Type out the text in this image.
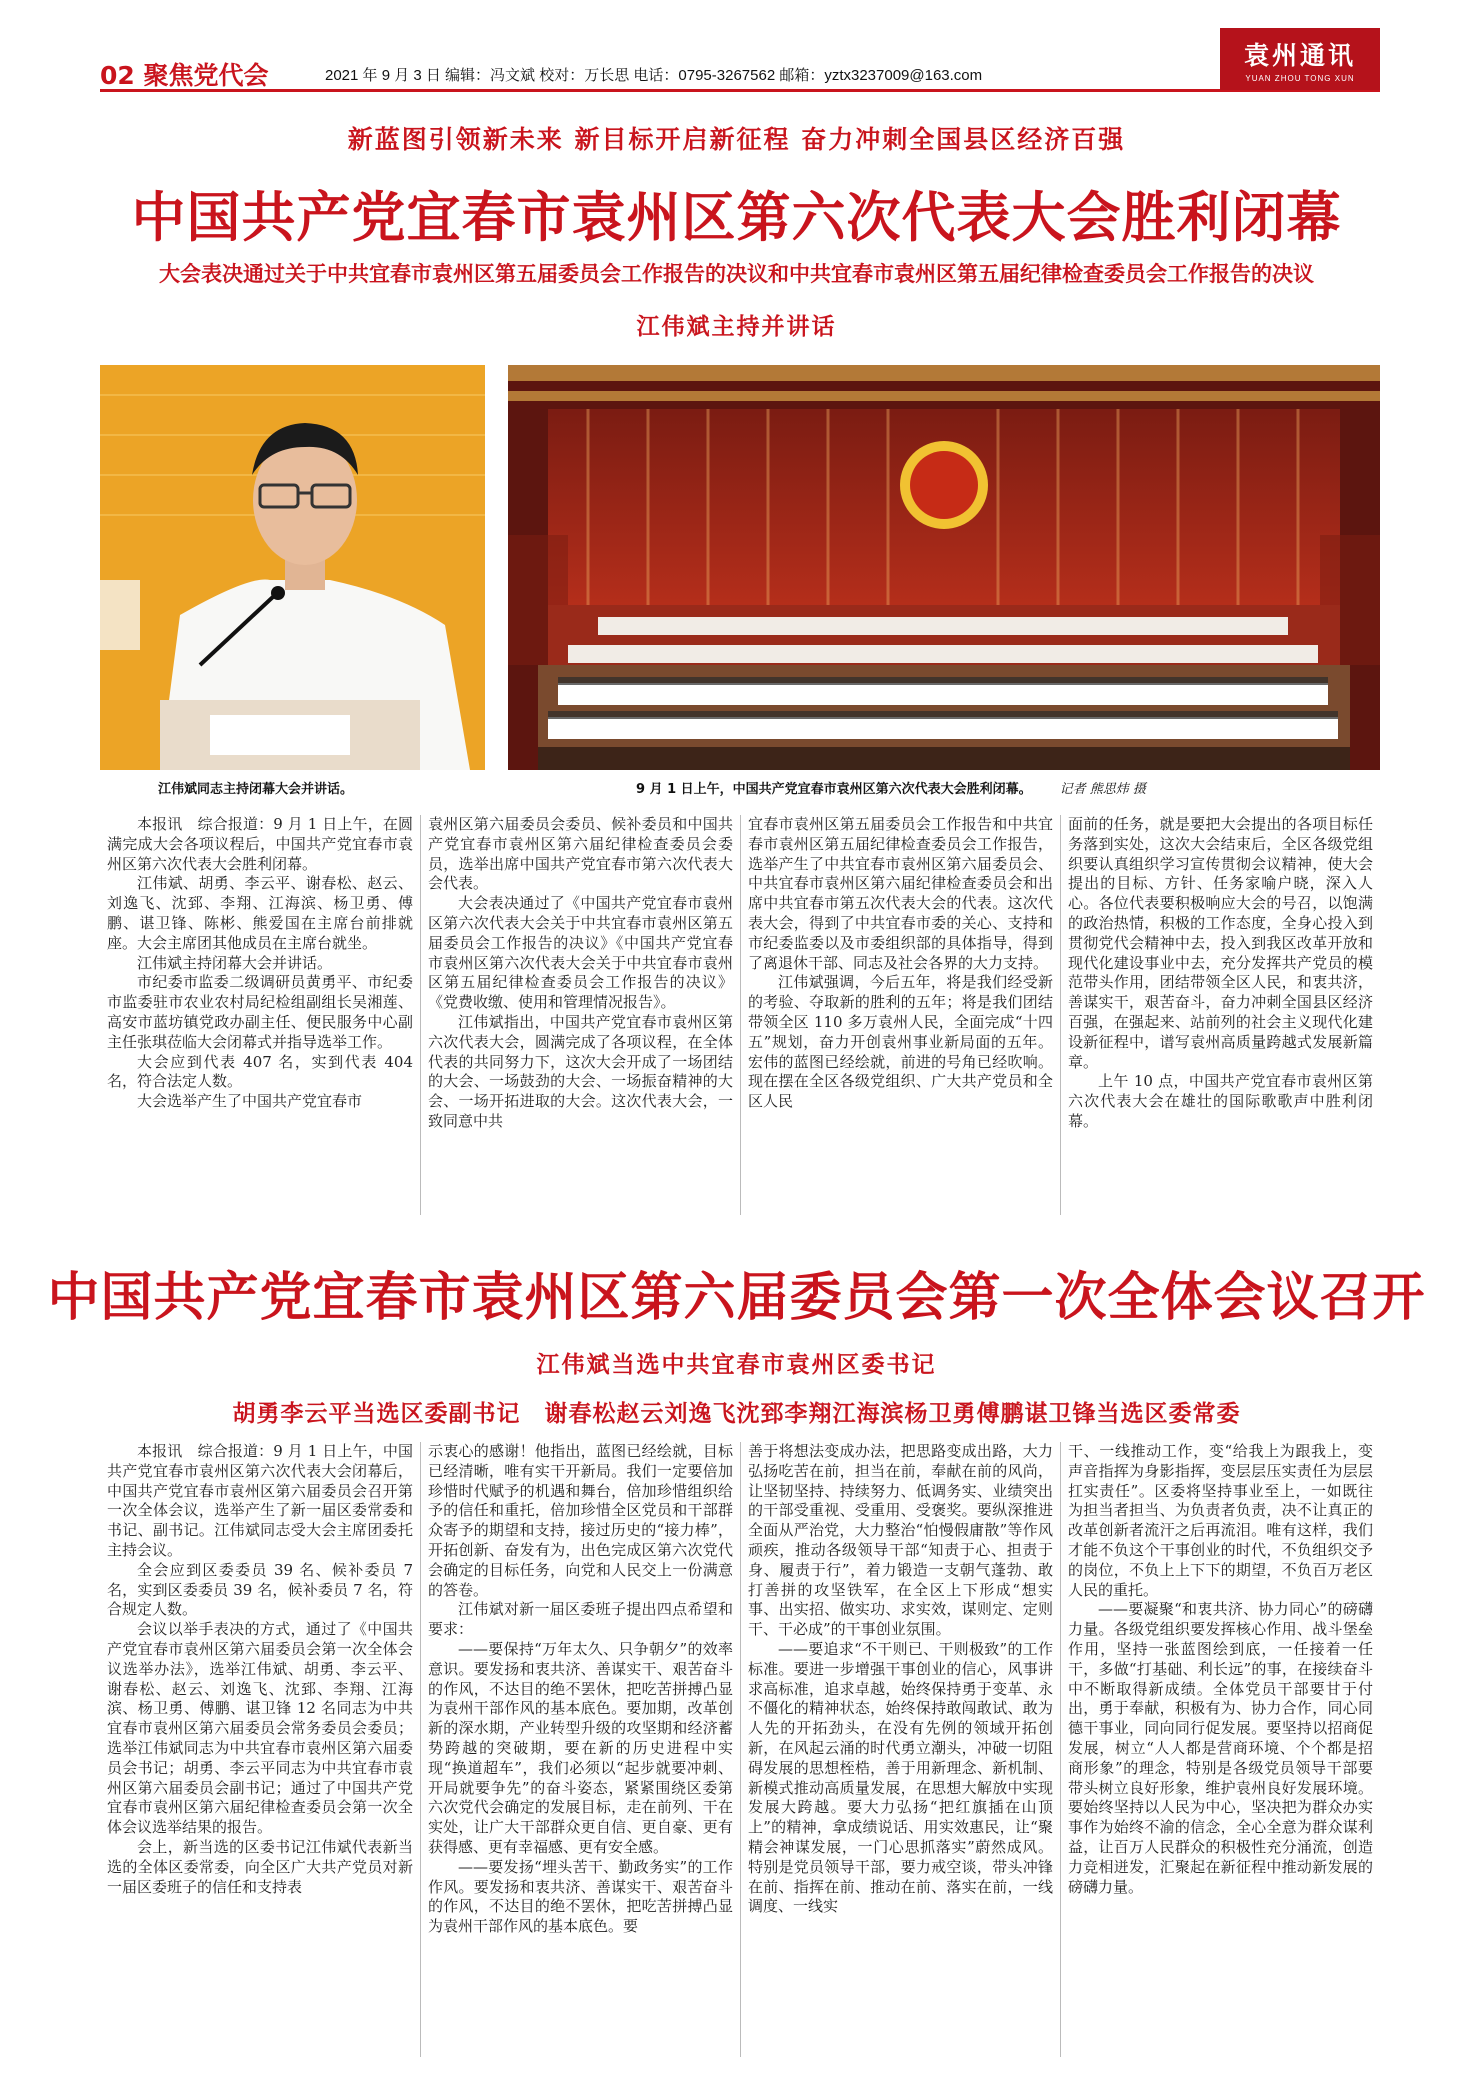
02 聚焦党代会	2021 年 9 月 3 日 编辑：冯文斌 校对：万长思 电话：0795-3267562 邮箱：yztx3237009@163.com
袁州通讯
YUAN ZHOU TONG XUN
新蓝图引领新未来 新目标开启新征程 奋力冲刺全国县区经济百强
中国共产党宜春市袁州区第六次代表大会胜利闭幕
大会表决通过关于中共宜春市袁州区第五届委员会工作报告的决议和中共宜春市袁州区第五届纪律检查委员会工作报告的决议
江伟斌主持并讲话
江伟斌同志主持闭幕大会并讲话。	9 月 1 日上午，中国共产党宜春市袁州区第六次代表大会胜利闭幕。 记者 熊思炜 摄

本报讯　综合报道：9 月 1 日上午，在圆满完成大会各项议程后，中国共产党宜春市袁州区第六次代表大会胜利闭幕。

江伟斌、胡勇、李云平、谢春松、赵云、刘逸飞、沈郅、李翔、江海滨、杨卫勇、傅鹏、谌卫锋、陈彬、熊爱国在主席台前排就座。大会主席团其他成员在主席台就坐。

江伟斌主持闭幕大会并讲话。

市纪委市监委二级调研员黄勇平、市纪委市监委驻市农业农村局纪检组副组长吴湘莲、高安市蓝坊镇党政办副主任、便民服务中心副主任张琪莅临大会闭幕式并指导选举工作。

大会应到代表 407 名，实到代表 404 名，符合法定人数。

大会选举产生了中国共产党宜春市

袁州区第六届委员会委员、候补委员和中国共产党宜春市袁州区第六届纪律检查委员会委员，选举出席中国共产党宜春市第六次代表大会代表。

大会表决通过了《中国共产党宜春市袁州区第六次代表大会关于中共宜春市袁州区第五届委员会工作报告的决议》《中国共产党宜春市袁州区第六次代表大会关于中共宜春市袁州区第五届纪律检查委员会工作报告的决议》《党费收缴、使用和管理情况报告》。

江伟斌指出，中国共产党宜春市袁州区第六次代表大会，圆满完成了各项议程，在全体代表的共同努力下，这次大会开成了一场团结的大会、一场鼓劲的大会、一场振奋精神的大会、一场开拓进取的大会。这次代表大会，一致同意中共

宜春市袁州区第五届委员会工作报告和中共宜春市袁州区第五届纪律检查委员会工作报告，选举产生了中共宜春市袁州区第六届委员会、中共宜春市袁州区第六届纪律检查委员会和出席中共宜春市第五次代表大会的代表。这次代表大会，得到了中共宜春市委的关心、支持和市纪委监委以及市委组织部的具体指导，得到了离退休干部、同志及社会各界的大力支持。

江伟斌强调，今后五年，将是我们经受新的考验、夺取新的胜利的五年；将是我们团结带领全区 110 多万袁州人民，全面完成“十四五”规划，奋力开创袁州事业新局面的五年。宏伟的蓝图已经绘就，前进的号角已经吹响。现在摆在全区各级党组织、广大共产党员和全区人民

面前的任务，就是要把大会提出的各项目标任务落到实处，这次大会结束后，全区各级党组织要认真组织学习宣传贯彻会议精神，使大会提出的目标、方针、任务家喻户晓，深入人心。各位代表要积极响应大会的号召，以饱满的政治热情，积极的工作态度，全身心投入到贯彻党代会精神中去，投入到我区改革开放和现代化建设事业中去，充分发挥共产党员的模范带头作用，团结带领全区人民，和衷共济，善谋实干，艰苦奋斗，奋力冲刺全国县区经济百强，在强起来、站前列的社会主义现代化建设新征程中，谱写袁州高质量跨越式发展新篇章。

上午 10 点，中国共产党宜春市袁州区第六次代表大会在雄壮的国际歌歌声中胜利闭幕。

中国共产党宜春市袁州区第六届委员会第一次全体会议召开
江伟斌当选中共宜春市袁州区委书记
胡勇李云平当选区委副书记　谢春松赵云刘逸飞沈郅李翔江海滨杨卫勇傅鹏谌卫锋当选区委常委

本报讯　综合报道：9 月 1 日上午，中国共产党宜春市袁州区第六次代表大会闭幕后，中国共产党宜春市袁州区第六届委员会召开第一次全体会议，选举产生了新一届区委常委和书记、副书记。江伟斌同志受大会主席团委托主持会议。

全会应到区委委员 39 名、候补委员 7 名，实到区委委员 39 名，候补委员 7 名，符合规定人数。

会议以举手表决的方式，通过了《中国共产党宜春市袁州区第六届委员会第一次全体会议选举办法》，选举江伟斌、胡勇、李云平、谢春松、赵云、刘逸飞、沈郅、李翔、江海滨、杨卫勇、傅鹏、谌卫锋 12 名同志为中共宜春市袁州区第六届委员会常务委员会委员；选举江伟斌同志为中共宜春市袁州区第六届委员会书记；胡勇、李云平同志为中共宜春市袁州区第六届委员会副书记；通过了中国共产党宜春市袁州区第六届纪律检查委员会第一次全体会议选举结果的报告。

会上，新当选的区委书记江伟斌代表新当选的全体区委常委，向全区广大共产党员对新一届区委班子的信任和支持表

示衷心的感谢！他指出，蓝图已经绘就，目标已经清晰，唯有实干开新局。我们一定要倍加珍惜时代赋予的机遇和舞台，倍加珍惜组织给予的信任和重托，倍加珍惜全区党员和干部群众寄予的期望和支持，接过历史的“接力棒”，开拓创新、奋发有为，出色完成区第六次党代会确定的目标任务，向党和人民交上一份满意的答卷。

江伟斌对新一届区委班子提出四点希望和要求：

——要保持“万年太久、只争朝夕”的效率意识。要发扬和衷共济、善谋实干、艰苦奋斗的作风，不达目的绝不罢休，把吃苦拼搏凸显为袁州干部作风的基本底色。要加期，改革创新的深水期，产业转型升级的攻坚期和经济蓄势跨越的突破期，要在新的历史进程中实现“换道超车”，我们必须以“起步就要冲刺、开局就要争先”的奋斗姿态，紧紧围绕区委第六次党代会确定的发展目标，走在前列、干在实处，让广大干部群众更自信、更自豪、更有获得感、更有幸福感、更有安全感。

——要发扬“埋头苦干、勤政务实”的工作作风。要发扬和衷共济、善谋实干、艰苦奋斗的作风，不达目的绝不罢休，把吃苦拼搏凸显为袁州干部作风的基本底色。要

善于将想法变成办法，把思路变成出路，大力弘扬吃苦在前，担当在前，奉献在前的风尚，让坚韧坚持、持续努力、低调务实、业绩突出的干部受重视、受重用、受褒奖。要纵深推进全面从严治党，大力整治“怕慢假庸散”等作风顽疾，推动各级领导干部“知责于心、担责于身、履责于行”，着力锻造一支朝气蓬勃、敢打善拼的攻坚铁军，在全区上下形成“想实事、出实招、做实功、求实效，谋则定、定则干、干必成”的干事创业氛围。

——要追求“不干则已、干则极致”的工作标准。要进一步增强干事创业的信心，风事讲求高标准，追求卓越，始终保持勇于变革、永不僵化的精神状态，始终保持敢闯敢试、敢为人先的开拓劲头，在没有先例的领域开拓创新，在风起云涌的时代勇立潮头，冲破一切阻碍发展的思想桎梏，善于用新理念、新机制、新模式推动高质量发展，在思想大解放中实现发展大跨越。要大力弘扬“把红旗插在山顶上”的精神，拿成绩说话、用实效惠民，让“聚精会神谋发展，一门心思抓落实”蔚然成风。特别是党员领导干部，要力戒空谈，带头冲锋在前、指挥在前、推动在前、落实在前，一线调度、一线实

干、一线推动工作，变“给我上为跟我上，变声音指挥为身影指挥，变层层压实责任为层层扛实责任”。区委将坚持事业至上，一如既往为担当者担当、为负责者负责，决不让真正的改革创新者流汗之后再流泪。唯有这样，我们才能不负这个干事创业的时代，不负组织交予的岗位，不负上上下下的期望，不负百万老区人民的重托。

——要凝聚“和衷共济、协力同心”的磅礴力量。各级党组织要发挥核心作用、战斗堡垒作用，坚持一张蓝图绘到底，一任接着一任干，多做“打基础、利长远”的事，在接续奋斗中不断取得新成绩。全体党员干部要甘于付出，勇于奉献，积极有为、协力合作，同心同德干事业，同向同行促发展。要坚持以招商促发展，树立“人人都是营商环境、个个都是招商形象”的理念，特别是各级党员领导干部要带头树立良好形象，维护袁州良好发展环境。要始终坚持以人民为中心，坚决把为群众办实事作为始终不渝的信念，全心全意为群众谋利益，让百万人民群众的积极性充分涌流，创造力竞相迸发，汇聚起在新征程中推动新发展的磅礴力量。
